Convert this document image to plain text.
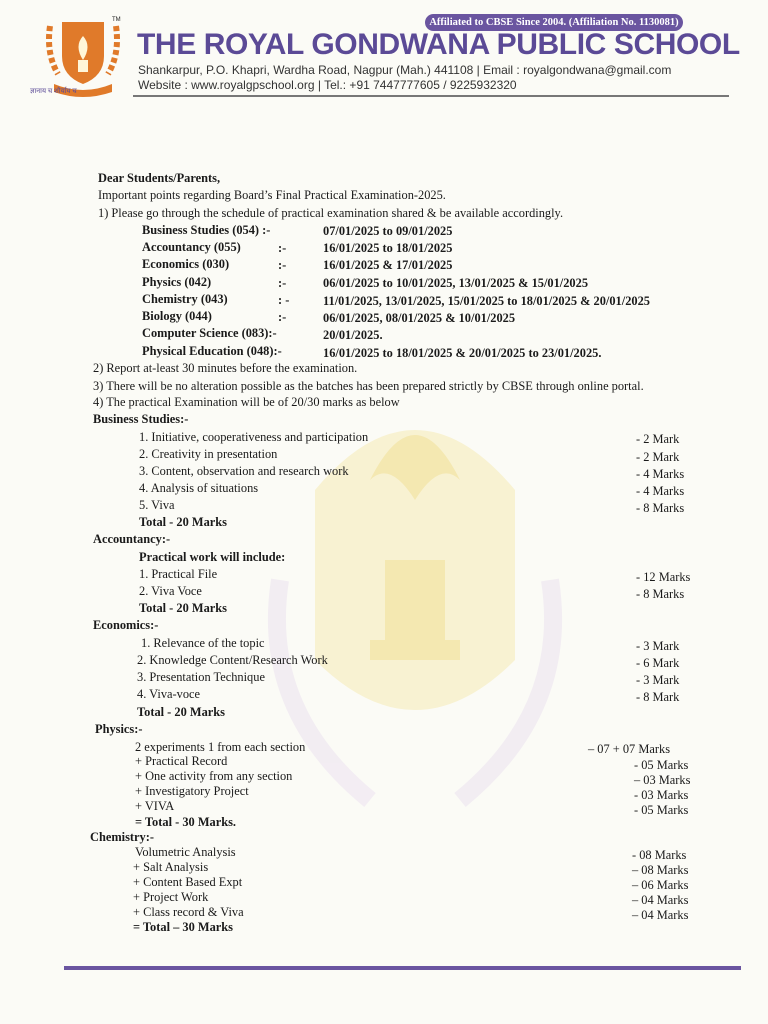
ज्ञानाय च शौर्याय च
TM	Affiliated to CBSE Since 2004. (Affiliation No. 1130081)
THE ROYAL GONDWANA PUBLIC SCHOOL
Shankarpur, P.O. Khapri, Wardha Road, Nagpur (Mah.) 441108 | Email : royalgondwana@gmail.com
Website : www.royalgpschool.org | Tel.: +91 7447777605 / 9225932320
Dear Students/Parents,
Important points regarding Board’s Final Practical Examination-2025.
1) Please go through the schedule of practical examination shared & be available accordingly.
Business Studies (054) :-	07/01/2025 to 09/01/2025
Accountancy (055)	:-	16/01/2025 to 18/01/2025
Economics (030)	:-	16/01/2025 & 17/01/2025
Physics (042)	:-	06/01/2025 to 10/01/2025, 13/01/2025 & 15/01/2025
Chemistry (043)	: -	11/01/2025, 13/01/2025, 15/01/2025 to 18/01/2025 & 20/01/2025
Biology (044)	:-	06/01/2025, 08/01/2025 & 10/01/2025
Computer Science (083):-	20/01/2025.
Physical Education (048):-	16/01/2025 to 18/01/2025 & 20/01/2025 to 23/01/2025.
2) Report at-least 30 minutes before the examination.
3) There will be no alteration possible as the batches has been prepared strictly by CBSE through online portal.
4) The practical Examination will be of 20/30 marks as below
Business Studies:-
1. Initiative, cooperativeness and participation	- 2 Mark
2. Creativity in presentation	- 2 Mark
3. Content, observation and research work	- 4 Marks
4. Analysis of situations	- 4 Marks
5. Viva	- 8 Marks
Total - 20 Marks
Accountancy:-
Practical work will include:
1. Practical File	- 12 Marks
2. Viva Voce	- 8 Marks
Total - 20 Marks
Economics:-
1. Relevance of the topic	- 3 Mark
2. Knowledge Content/Research Work	- 6 Mark
3. Presentation Technique	- 3 Mark
4. Viva-voce	- 8 Mark
Total - 20 Marks
Physics:-
2 experiments 1 from each section	– 07 + 07 Marks
+ Practical Record	- 05 Marks
+ One activity from any section	– 03 Marks
+ Investigatory Project	- 03 Marks
+ VIVA	- 05 Marks
= Total - 30 Marks.
Chemistry:-
Volumetric Analysis	- 08 Marks
+ Salt Analysis	– 08 Marks
+ Content Based Expt	– 06 Marks
+ Project Work	– 04 Marks
+ Class record & Viva	– 04 Marks
= Total – 30 Marks
